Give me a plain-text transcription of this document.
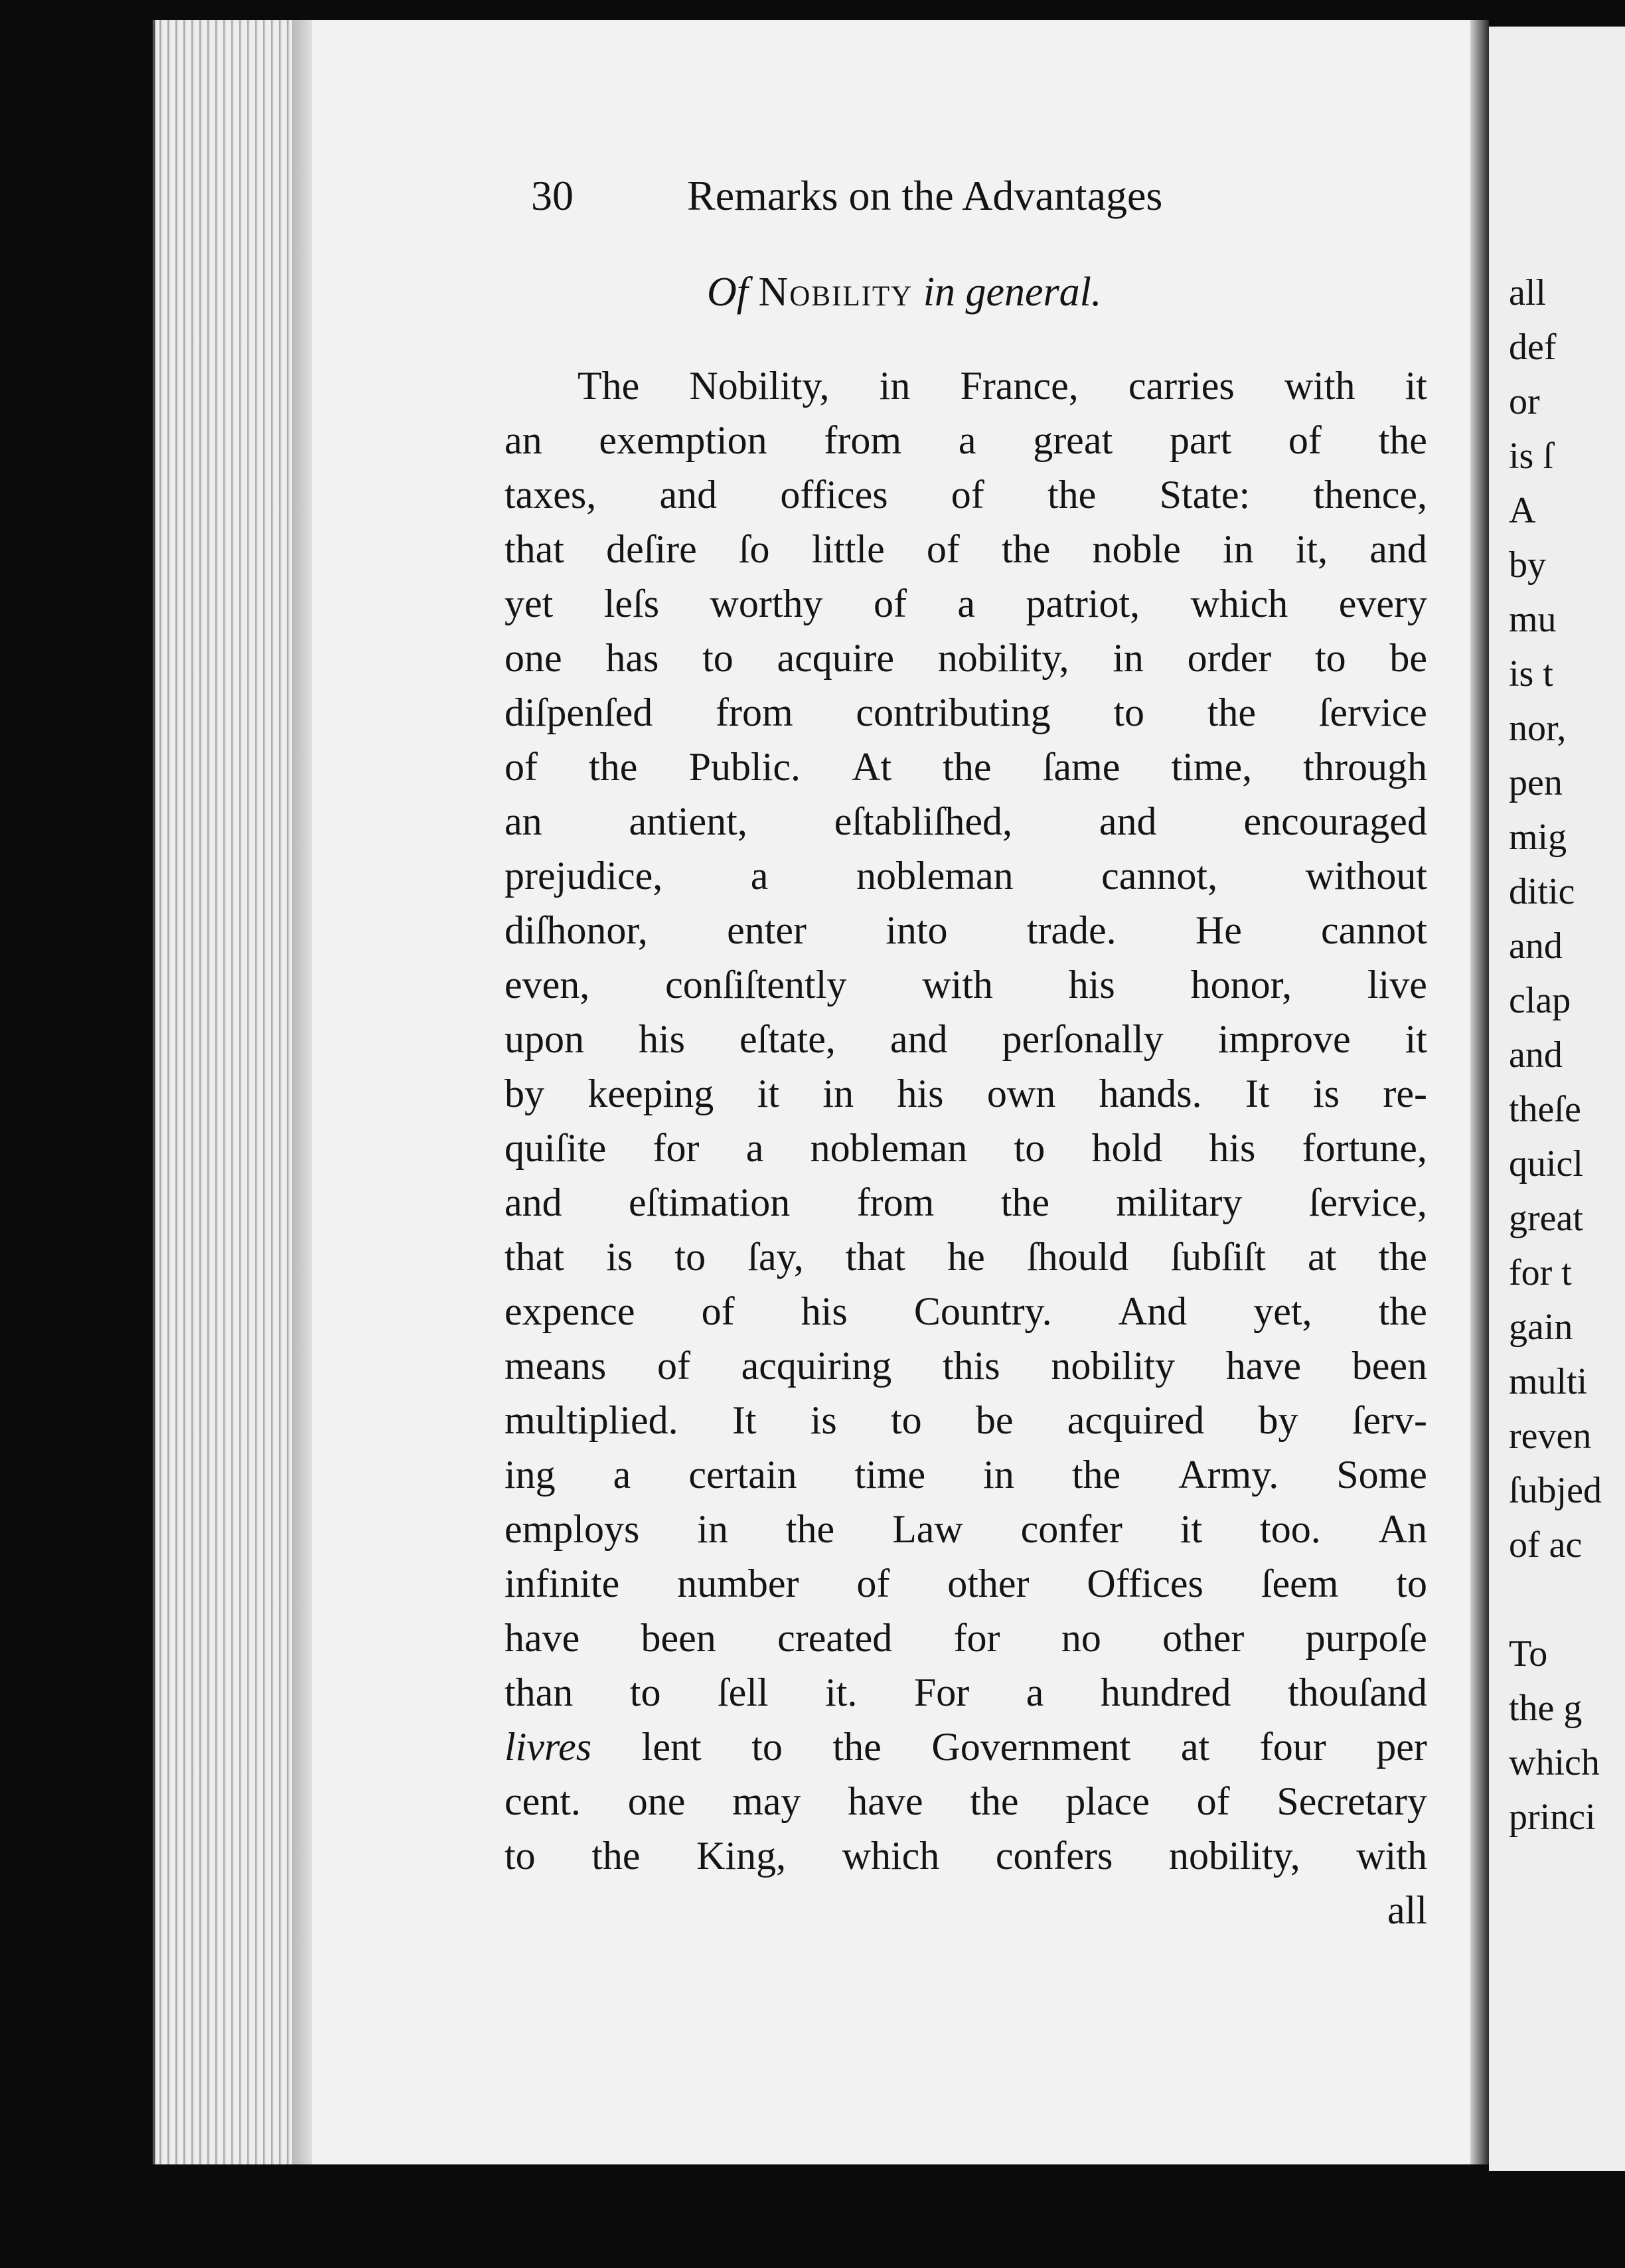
30	Remarks on the Advantages
Of Nobility in general.
The Nobility, in France, carries with it
an exemption from a great part of the
taxes, and offices of the State: thence,
that deſire ſo little of the noble in it, and
yet leſs worthy of a patriot, which every
one has to acquire nobility, in order to be
diſpenſed from contributing to the ſervice
of the Public. At the ſame time, through
an antient, eſtabliſhed, and encouraged
prejudice, a nobleman cannot, without
diſhonor, enter into trade. He cannot
even, conſiſtently with his honor, live
upon his eſtate, and perſonally improve it
by keeping it in his own hands. It is re-
quiſite for a nobleman to hold his fortune,
and eſtimation from the military ſervice,
that is to ſay, that he ſhould ſubſiſt at the
expence of his Country. And yet, the
means of acquiring this nobility have been
multiplied. It is to be acquired by ſerv-
ing a certain time in the Army. Some
employs in the Law confer it too. An
infinite number of other Offices ſeem to
have been created for no other purpoſe
than to ſell it. For a hundred thouſand
livres lent to the Government at four per
cent. one may have the place of Secretary
to the King, which confers nobility, with
all
all
def
or
is ſ
A
by
mu
is t
nor,
pen
mig
ditic
and
clap
and
theſe
quicl
great
for t
gain
multi
reven
ſubjed
of ac
To
the g
which
princi
